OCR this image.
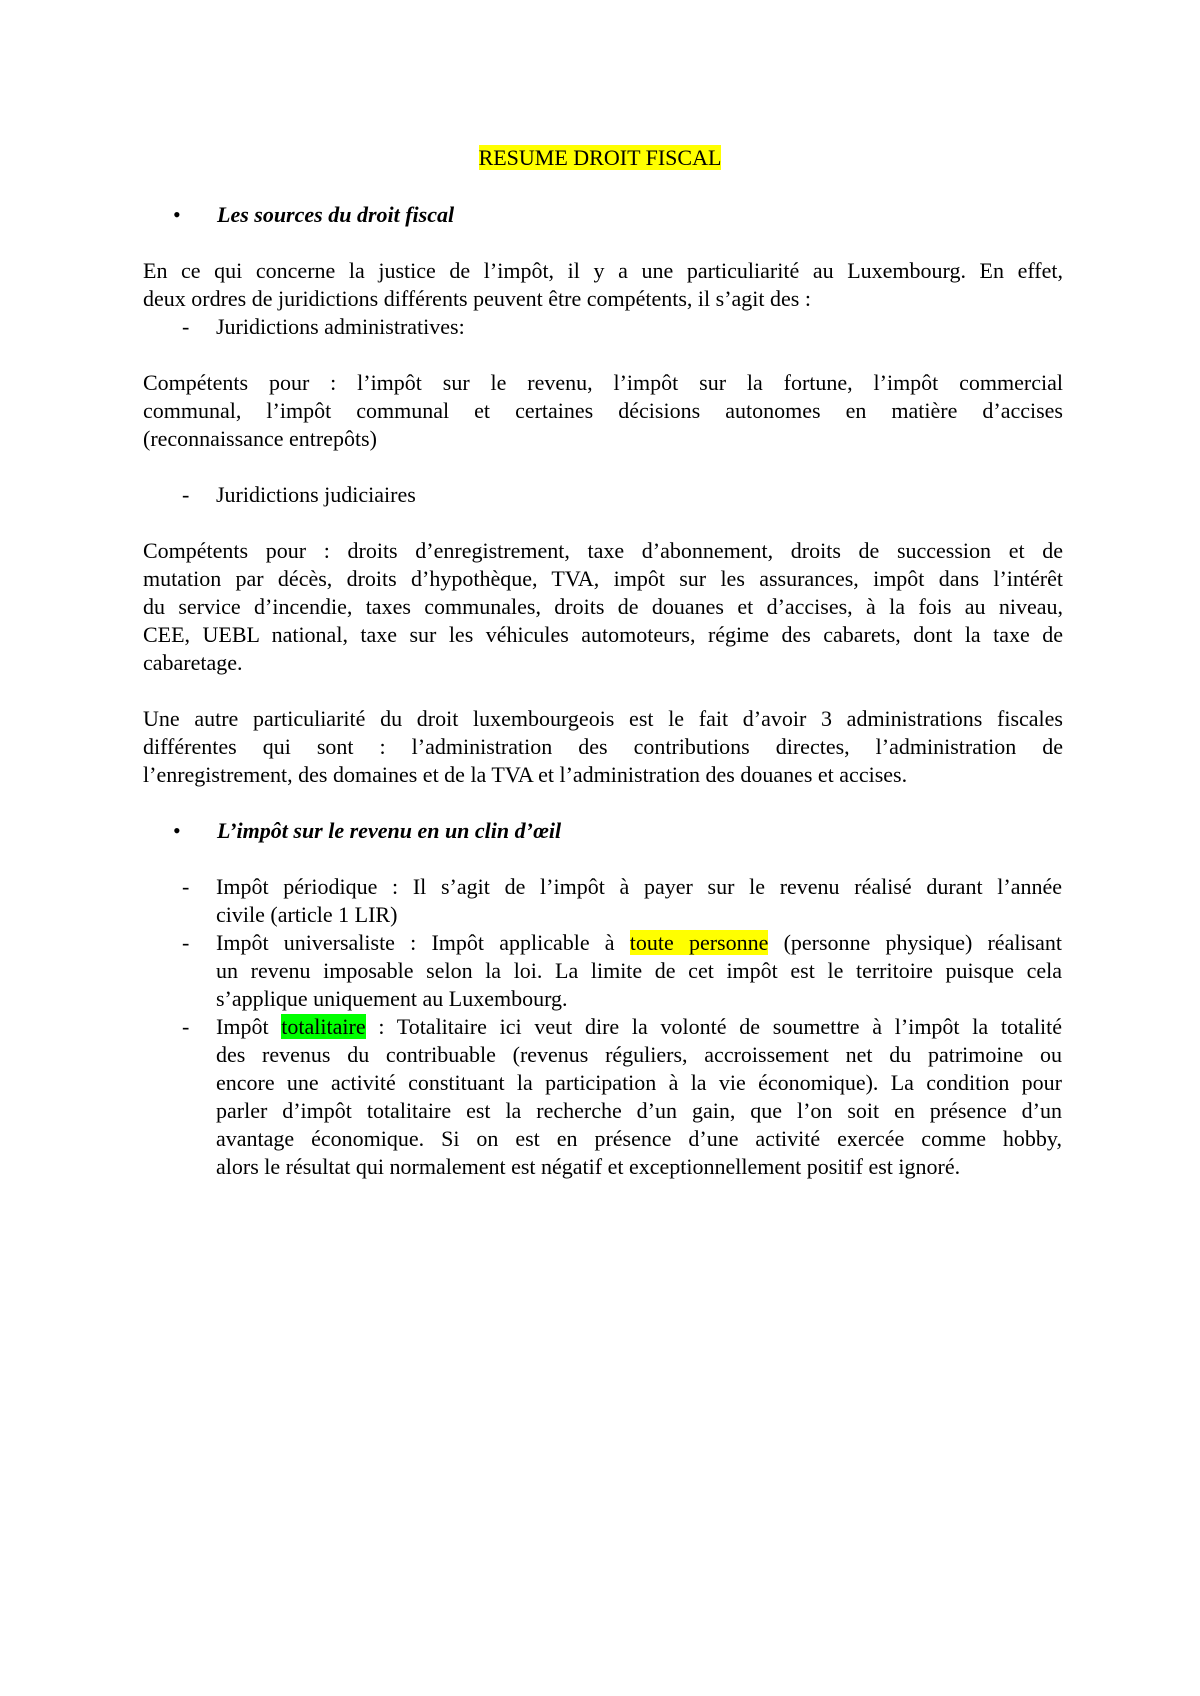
RESUME DROIT FISCAL
• Les sources du droit fiscal
En ce qui concerne la justice de l’impôt, il y a une particuliarité au Luxembourg. En effet,
deux ordres de juridictions différents peuvent être compétents, il s’agit des :
-	Juridictions administratives:
Compétents pour : l’impôt sur le revenu, l’impôt sur la fortune, l’impôt commercial
communal, l’impôt communal et certaines décisions autonomes en matière d’accises
(reconnaissance entrepôts)
-	Juridictions judiciaires
Compétents pour : droits d’enregistrement, taxe d’abonnement, droits de succession et de
mutation par décès, droits d’hypothèque, TVA, impôt sur les assurances, impôt dans l’intérêt
du service d’incendie, taxes communales, droits de douanes et d’accises, à la fois au niveau,
CEE, UEBL national, taxe sur les véhicules automoteurs, régime des cabarets, dont la taxe de
cabaretage.
Une autre particuliarité du droit luxembourgeois est le fait d’avoir 3 administrations fiscales
différentes qui sont : l’administration des contributions directes, l’administration de
l’enregistrement, des domaines et de la TVA et l’administration des douanes et accises.
• L’impôt sur le revenu en un clin d’œil
-	Impôt périodique : Il s’agit de l’impôt à payer sur le revenu réalisé durant l’année
civile (article 1 LIR)
-	Impôt universaliste : Impôt applicable à toute personne (personne physique) réalisant
un revenu imposable selon la loi. La limite de cet impôt est le territoire puisque cela
s’applique uniquement au Luxembourg.
-	Impôt totalitaire : Totalitaire ici veut dire la volonté de soumettre à l’impôt la totalité
des revenus du contribuable (revenus réguliers, accroissement net du patrimoine ou
encore une activité constituant la participation à la vie économique). La condition pour
parler d’impôt totalitaire est la recherche d’un gain, que l’on soit en présence d’un
avantage économique. Si on est en présence d’une activité exercée comme hobby,
alors le résultat qui normalement est négatif et exceptionnellement positif est ignoré.
